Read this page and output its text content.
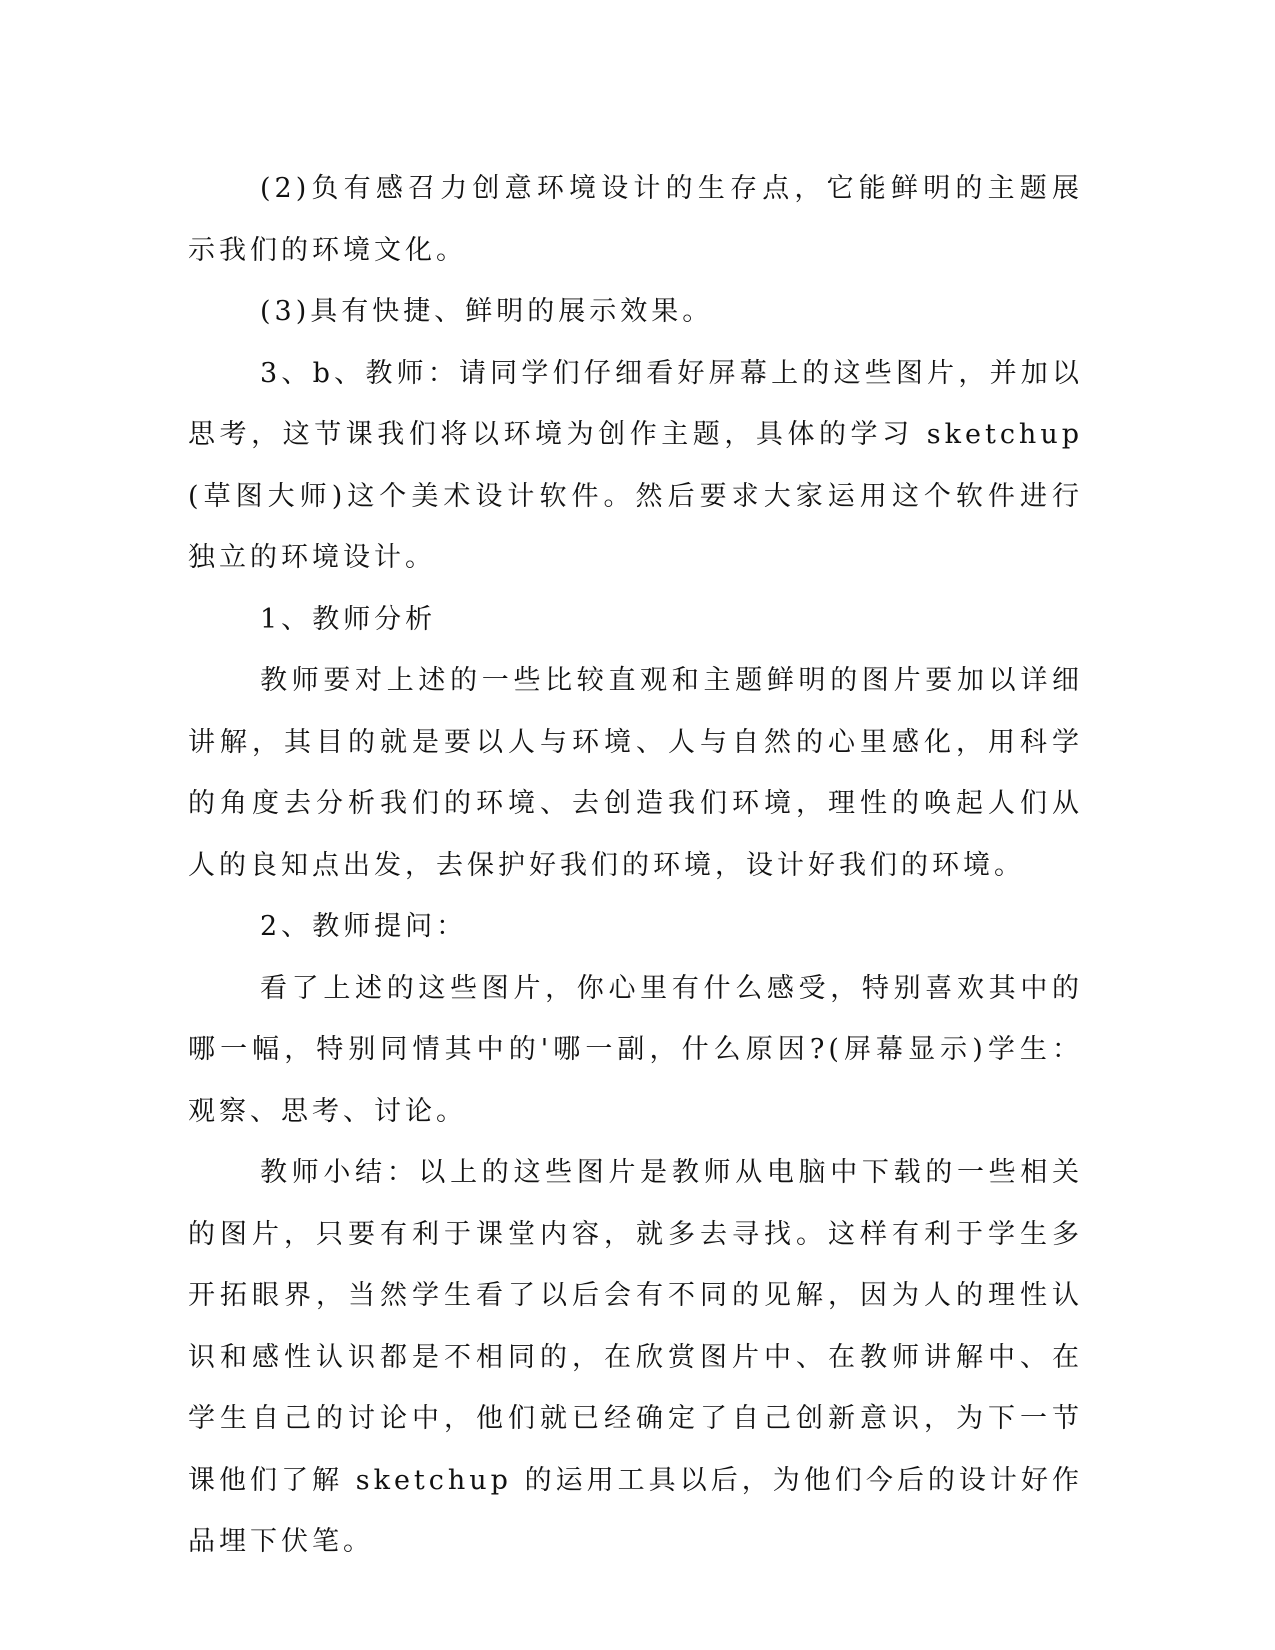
(2)负有感召力创意环境设计的生存点，它能鲜明的主题展示我们的环境文化。

(3)具有快捷、鲜明的展示效果。

3、b、教师：请同学们仔细看好屏幕上的这些图片，并加以思考，这节课我们将以环境为创作主题，具体的学习 sketchup(草图大师)这个美术设计软件。然后要求大家运用这个软件进行独立的环境设计。

1、教师分析

教师要对上述的一些比较直观和主题鲜明的图片要加以详细讲解，其目的就是要以人与环境、人与自然的心里感化，用科学的角度去分析我们的环境、去创造我们环境，理性的唤起人们从人的良知点出发，去保护好我们的环境，设计好我们的环境。

2、教师提问：

看了上述的这些图片，你心里有什么感受，特别喜欢其中的哪一幅，特别同情其中的'哪一副，什么原因?(屏幕显示)学生：观察、思考、讨论。

教师小结：以上的这些图片是教师从电脑中下载的一些相关的图片，只要有利于课堂内容，就多去寻找。这样有利于学生多开拓眼界，当然学生看了以后会有不同的见解，因为人的理性认识和感性认识都是不相同的，在欣赏图片中、在教师讲解中、在学生自己的讨论中，他们就已经确定了自己创新意识，为下一节课他们了解 sketchup 的运用工具以后，为他们今后的设计好作品埋下伏笔。
